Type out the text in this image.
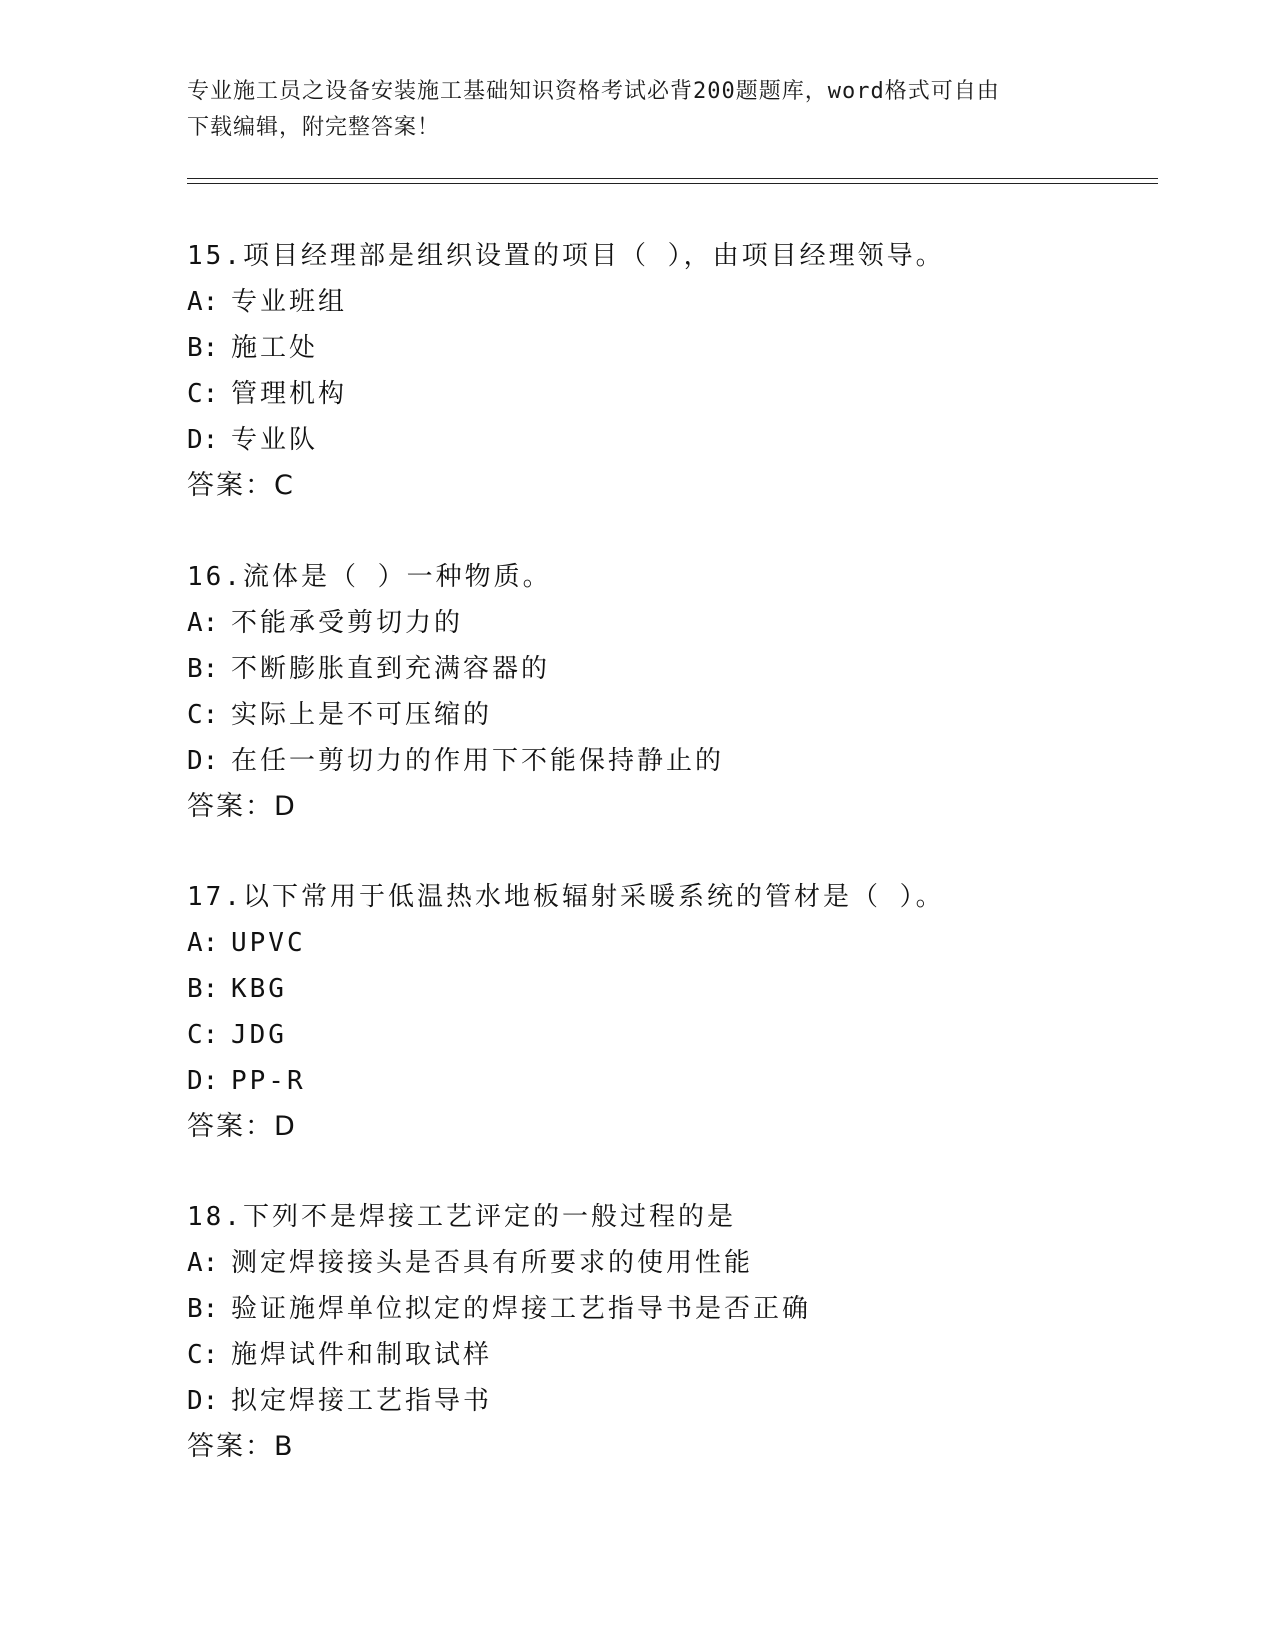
专业施工员之设备安装施工基础知识资格考试必背200题题库，word格式可自由

下载编辑，附完整答案！

15.项目经理部是组织设置的项目（ ），由项目经理领导。
A: 专业班组
B: 施工处
C: 管理机构
D: 专业队
答案：C
16.流体是（ ）一种物质。
A: 不能承受剪切力的
B: 不断膨胀直到充满容器的
C: 实际上是不可压缩的
D: 在任一剪切力的作用下不能保持静止的
答案：D
17.以下常用于低温热水地板辐射采暖系统的管材是（ ）。
A: UPVC
B: KBG
C: JDG
D: PP-R
答案：D
18.下列不是焊接工艺评定的一般过程的是
A: 测定焊接接头是否具有所要求的使用性能
B: 验证施焊单位拟定的焊接工艺指导书是否正确
C: 施焊试件和制取试样
D: 拟定焊接工艺指导书
答案：B
